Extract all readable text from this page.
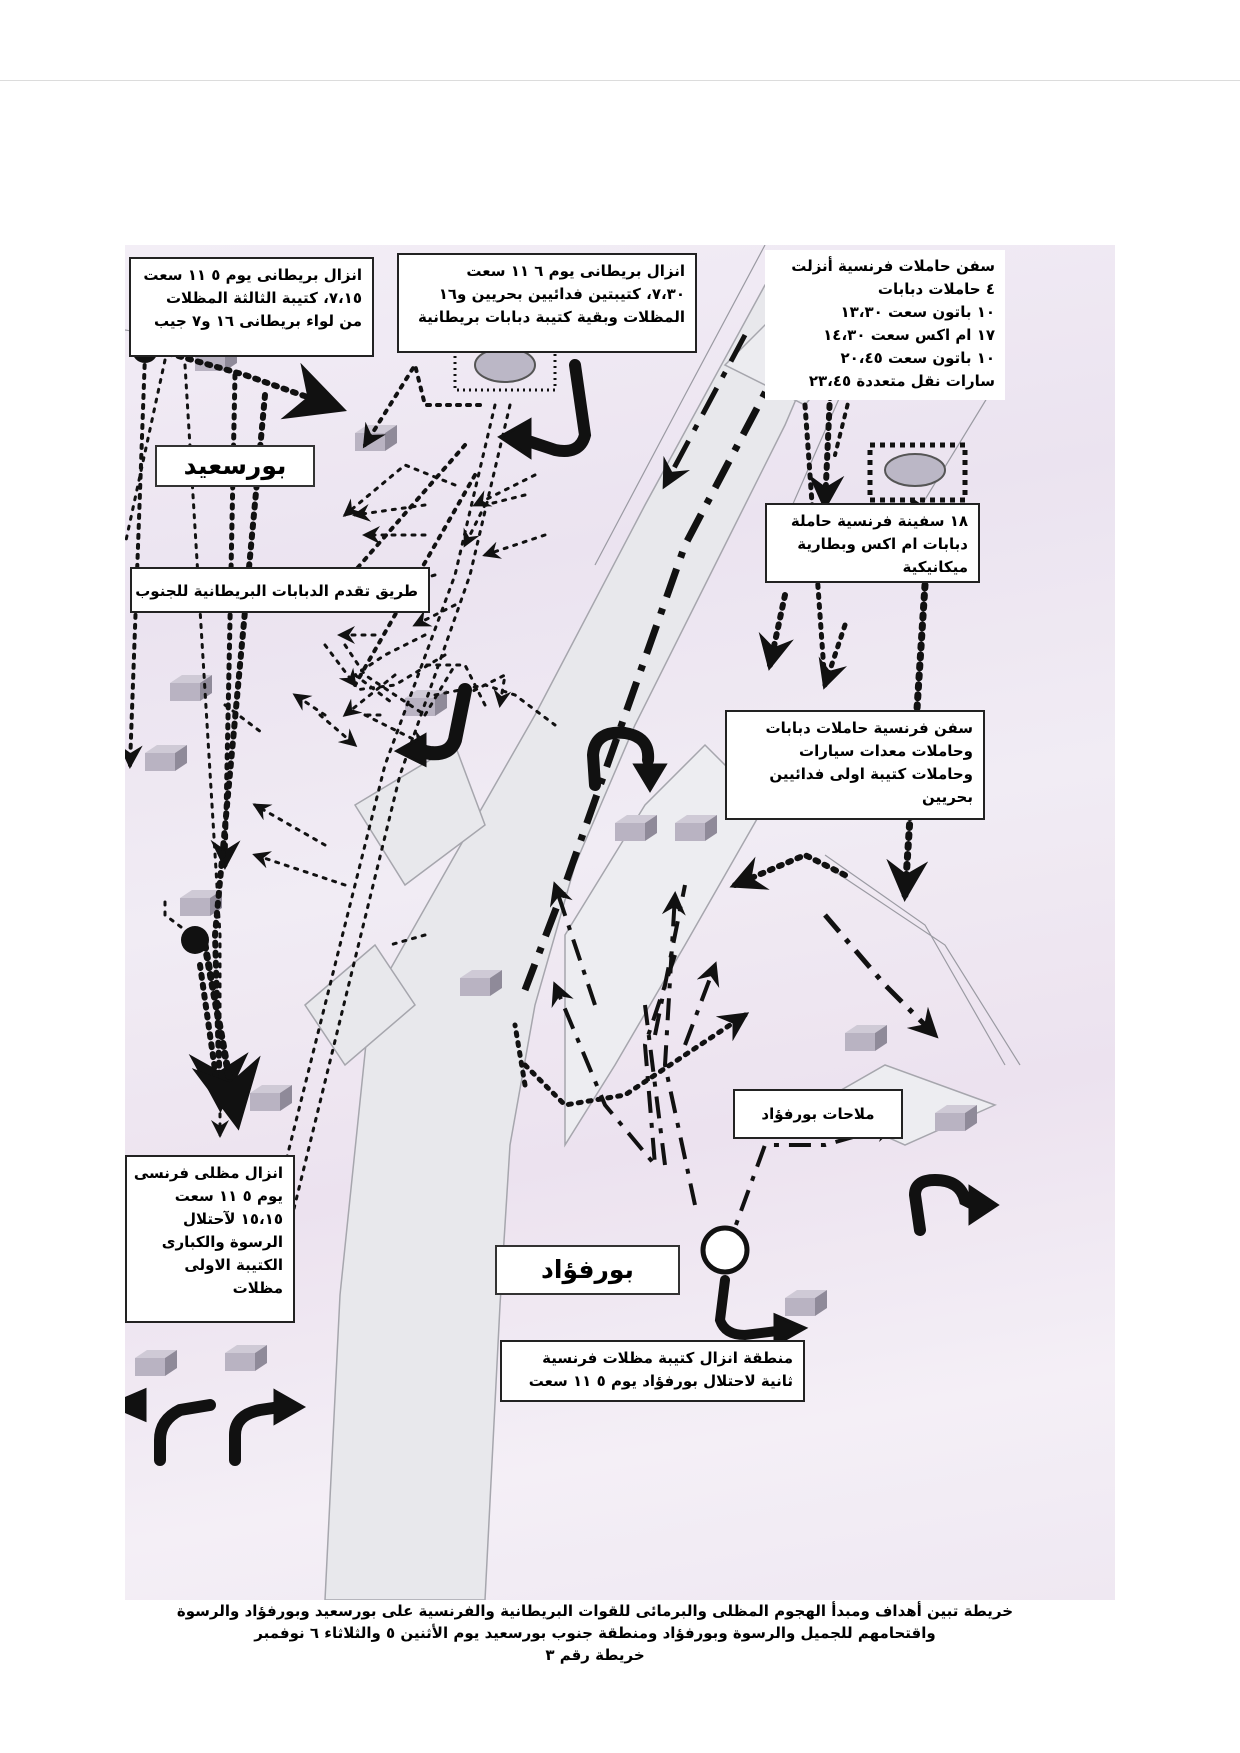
انزال بريطانى يوم ٥ ١١ سعت
٧،١٥، كتيبة الثالثة المظلات
من لواء بريطانى ١٦ و٧ جيب
انزال بريطانى يوم ٦ ١١ سعت
٧،٣٠، كتيبتين فدائيين بحريين و١٦
المظلات وبقية كتيبة دبابات بريطانية
سفن حاملات فرنسية أنزلت
٤ حاملات دبابات
١٠ باتون سعت ١٣،٣٠
١٧ ام اكس سعت ١٤،٣٠
١٠ باتون سعت ٢٠،٤٥
سارات نقل متعددة ٢٣،٤٥
بورسعيد
١٨ سفينة فرنسية حاملة
دبابات ام اكس وبطارية
ميكانيكية
طريق تقدم الدبابات البريطانية للجنوب
سفن فرنسية حاملات دبابات
وحاملات معدات سيارات
وحاملات كتيبة اولى فدائيين
بحريين
ملاحات بورفؤاد
انزال مظلى فرنسى
يوم ٥ ١١ سعت
١٥،١٥ لآحتلال
الرسوة والكبارى
الكتيبة الاولى
مظلات
بورفؤاد
منطقة انزال كتيبة مظلات فرنسية
ثانية لاحتلال بورفؤاد يوم ٥ ١١ سعت
خريطة تبين أهداف ومبدأ الهجوم المظلى والبرمائى للقوات البريطانية والفرنسية على بورسعيد وبورفؤاد والرسوة
واقتحامهم للجميل والرسوة وبورفؤاد ومنطقة جنوب بورسعيد يوم الأثنين ٥ والثلاثاء ٦ نوفمبر
خريطة رقم ٣
